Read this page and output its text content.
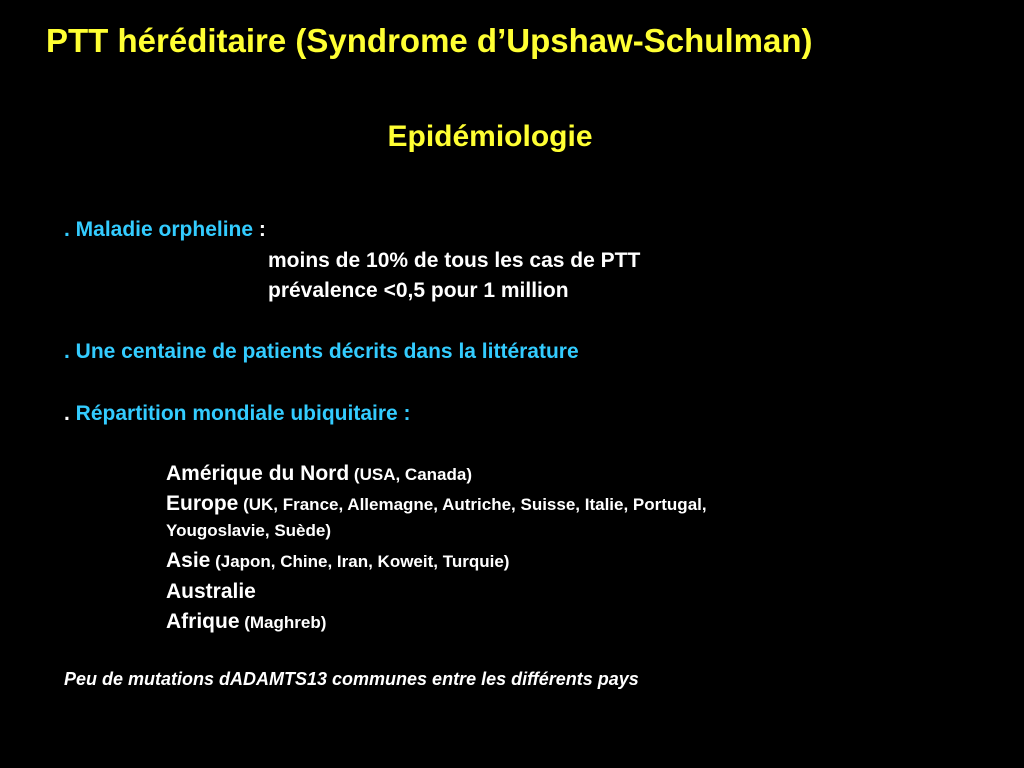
PTT héréditaire (Syndrome d’Upshaw-Schulman)
Epidémiologie
. Maladie orpheline :
moins de 10% de tous les cas de PTT
prévalence <0,5 pour 1 million
. Une centaine de patients décrits dans la littérature
. Répartition mondiale ubiquitaire :
Amérique du Nord (USA, Canada)
Europe (UK, France, Allemagne, Autriche, Suisse, Italie, Portugal,
Yougoslavie, Suède)
Asie (Japon, Chine, Iran, Koweit, Turquie)
Australie
Afrique (Maghreb)
Peu de mutations dADAMTS13 communes entre les différents pays
